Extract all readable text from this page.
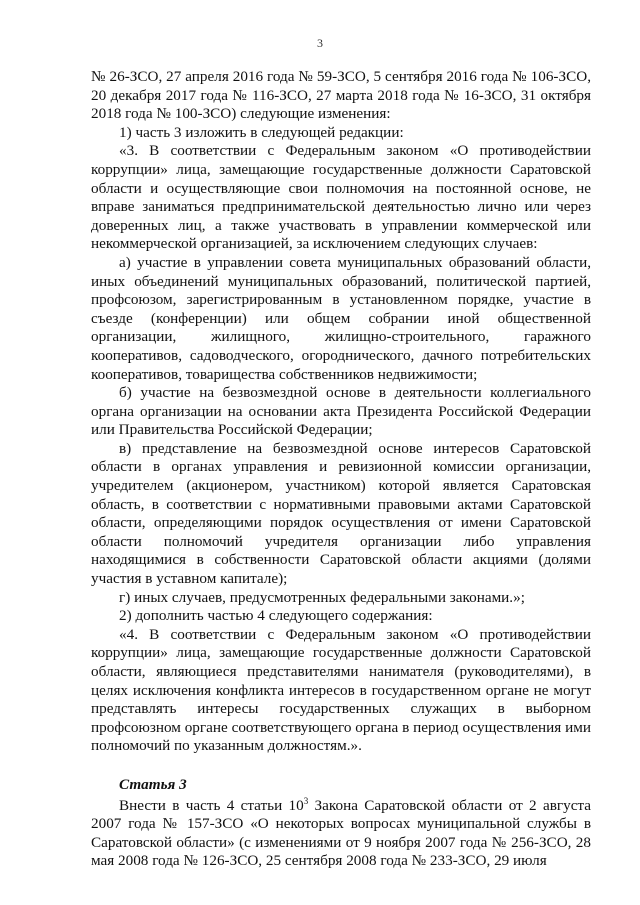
3

№ 26-ЗСО, 27 апреля 2016 года № 59-ЗСО, 5 сентября 2016 года № 106-ЗСО, 20 декабря 2017 года № 116-ЗСО, 27 марта 2018 года № 16-ЗСО, 31 октября 2018 года № 100-ЗСО) следующие изменения:

1) часть 3 изложить в следующей редакции:

«3. В соответствии с Федеральным законом «О противодействии коррупции» лица, замещающие государственные должности Саратовской области и осуществляющие свои полномочия на постоянной основе, не вправе заниматься предпринимательской деятельностью лично или через доверенных лиц, а также участвовать в управлении коммерческой или некоммерческой организацией, за исключением следующих случаев:

а) участие в управлении совета муниципальных образований области, иных объединений муниципальных образований, политической партией, профсоюзом, зарегистрированным в установленном порядке, участие в съезде (конференции) или общем собрании иной общественной организации, жилищного, жилищно-строительного, гаражного кооперативов, садоводческого, огороднического, дачного потребительских кооперативов, товарищества собственников недвижимости;

б) участие на безвозмездной основе в деятельности коллегиального органа организации на основании акта Президента Российской Федерации или Правительства Российской Федерации;

в) представление на безвозмездной основе интересов Саратовской области в органах управления и ревизионной комиссии организации, учредителем (акционером, участником) которой является Саратовская область, в соответствии с нормативными правовыми актами Саратовской области, определяющими порядок осуществления от имени Саратовской области полномочий учредителя организации либо управления находящимися в собственности Саратовской области акциями (долями участия в уставном капитале);

г) иных случаев, предусмотренных федеральными законами.»;

2) дополнить частью 4 следующего содержания:

«4. В соответствии с Федеральным законом «О противодействии коррупции» лица, замещающие государственные должности Саратовской области, являющиеся представителями нанимателя (руководителями), в целях исключения конфликта интересов в государственном органе не могут представлять интересы государственных служащих в выборном профсоюзном органе соответствующего органа в период осуществления ими полномочий по указанным должностям.».

Статья 3

Внести в часть 4 статьи $10^3$ Закона Саратовской области от 2 августа 2007 года № 157-ЗСО «О некоторых вопросах муниципальной службы в Саратовской области» (с изменениями от 9 ноября 2007 года № 256-ЗСО, 28 мая 2008 года № 126-ЗСО, 25 сентября 2008 года № 233-ЗСО, 29 июля
